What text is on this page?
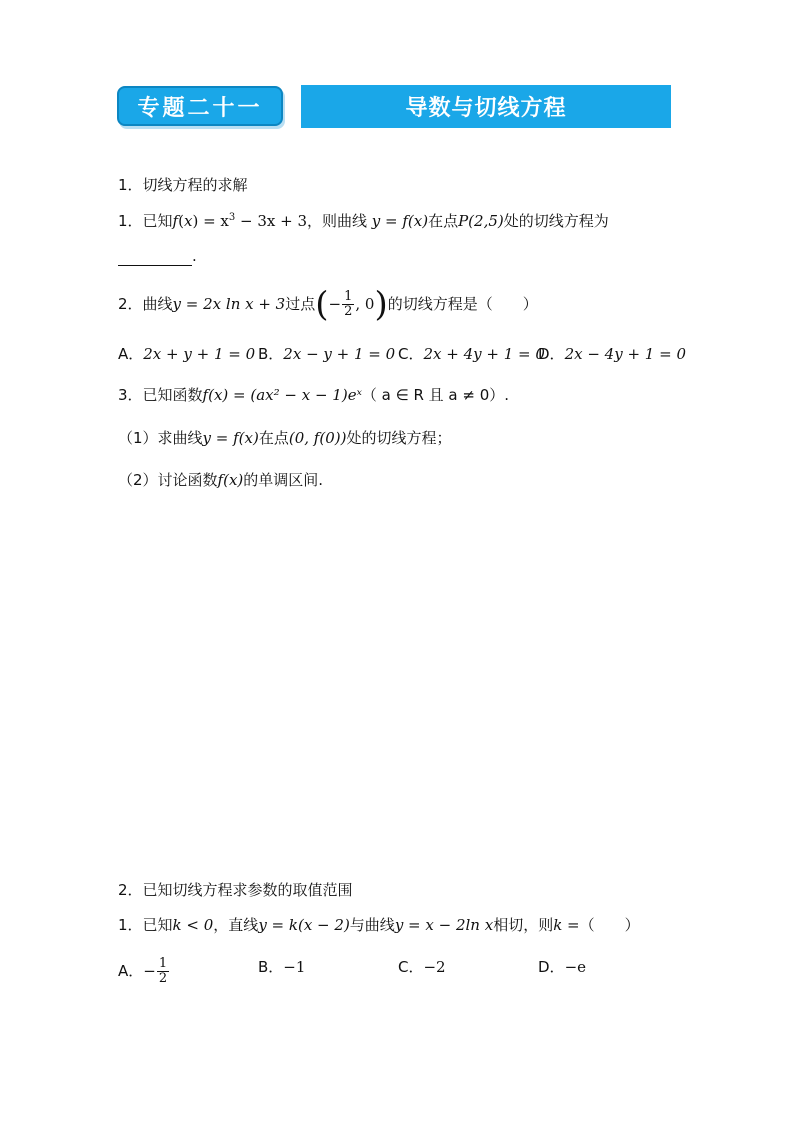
专题二十一	导数与切线方程
1．切线方程的求解
1．已知$f(x) = x^3 - 3x + 3$，则曲线 y = f(x)在点P(2,5)处的切线方程为
.
2．曲线y = 2x ln x + 3过点(− $\frac{1}{2}$ , 0)的切线方程是（　　）
A．2x + y + 1 = 0 B．2x − y + 1 = 0 C．2x + 4y + 1 = 0
D．2x − 4y + 1 = 0
3．已知函数f(x) = (ax² − x − 1)eˣ（ a ∈ R 且 a ≠ 0）.
（1）求曲线y = f(x)在点(0, f(0))处的切线方程；
（2）讨论函数f(x)的单调区间.
2．已知切线方程求参数的取值范围
1．已知k < 0，直线y = k(x − 2)与曲线y = x − 2ln x相切，则k =（　　）
A．− $\frac{1}{2}$	B．−1	C．−2	D．−e
